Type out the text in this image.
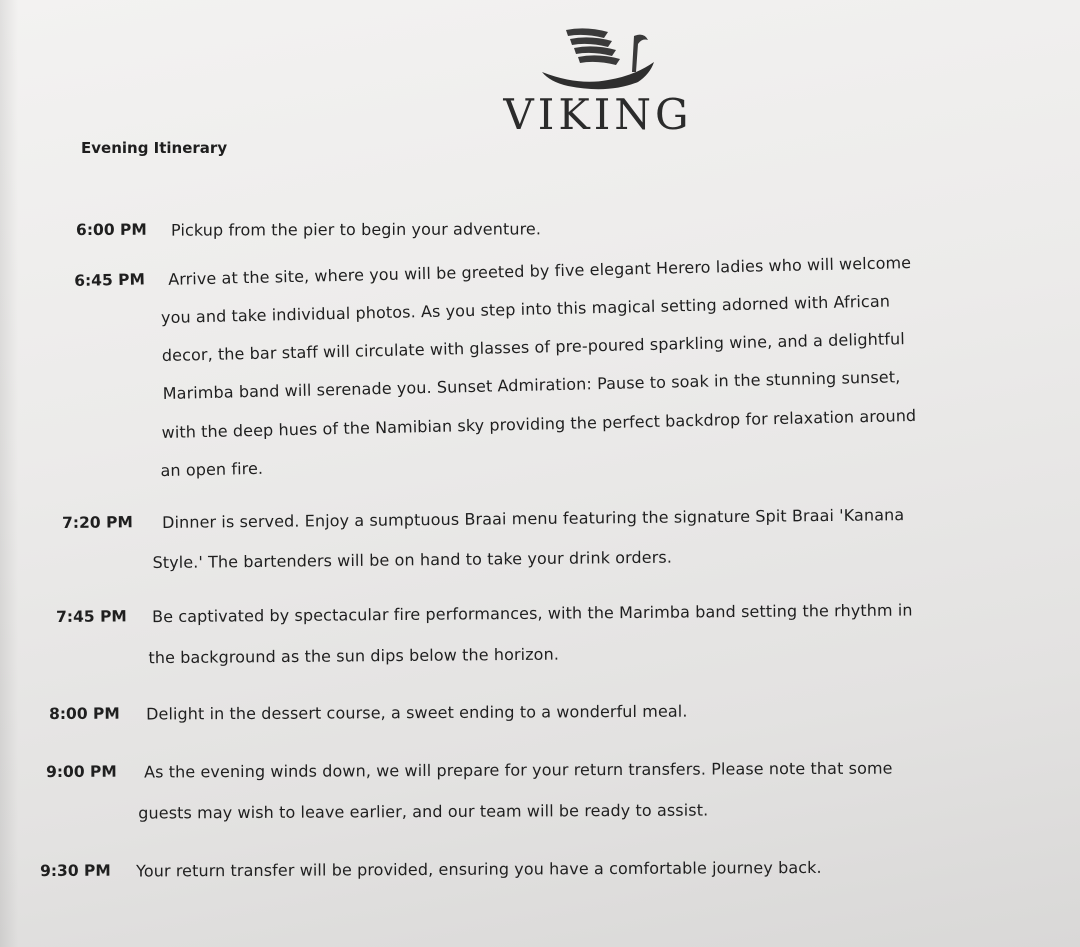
VIKING
Evening Itinerary
6:00 PM Pickup from the pier to begin your adventure.
6:45 PM Arrive at the site, where you will be greeted by five elegant Herero ladies who will welcome
you and take individual photos. As you step into this magical setting adorned with African
decor, the bar staff will circulate with glasses of pre-poured sparkling wine, and a delightful
Marimba band will serenade you. Sunset Admiration: Pause to soak in the stunning sunset,
with the deep hues of the Namibian sky providing the perfect backdrop for relaxation around
an open fire.
7:20 PM Dinner is served. Enjoy a sumptuous Braai menu featuring the signature Spit Braai 'Kanana
Style.' The bartenders will be on hand to take your drink orders.
7:45 PM Be captivated by spectacular fire performances, with the Marimba band setting the rhythm in
the background as the sun dips below the horizon.
8:00 PM Delight in the dessert course, a sweet ending to a wonderful meal.
9:00 PM As the evening winds down, we will prepare for your return transfers. Please note that some
guests may wish to leave earlier, and our team will be ready to assist.
9:30 PM Your return transfer will be provided, ensuring you have a comfortable journey back.
